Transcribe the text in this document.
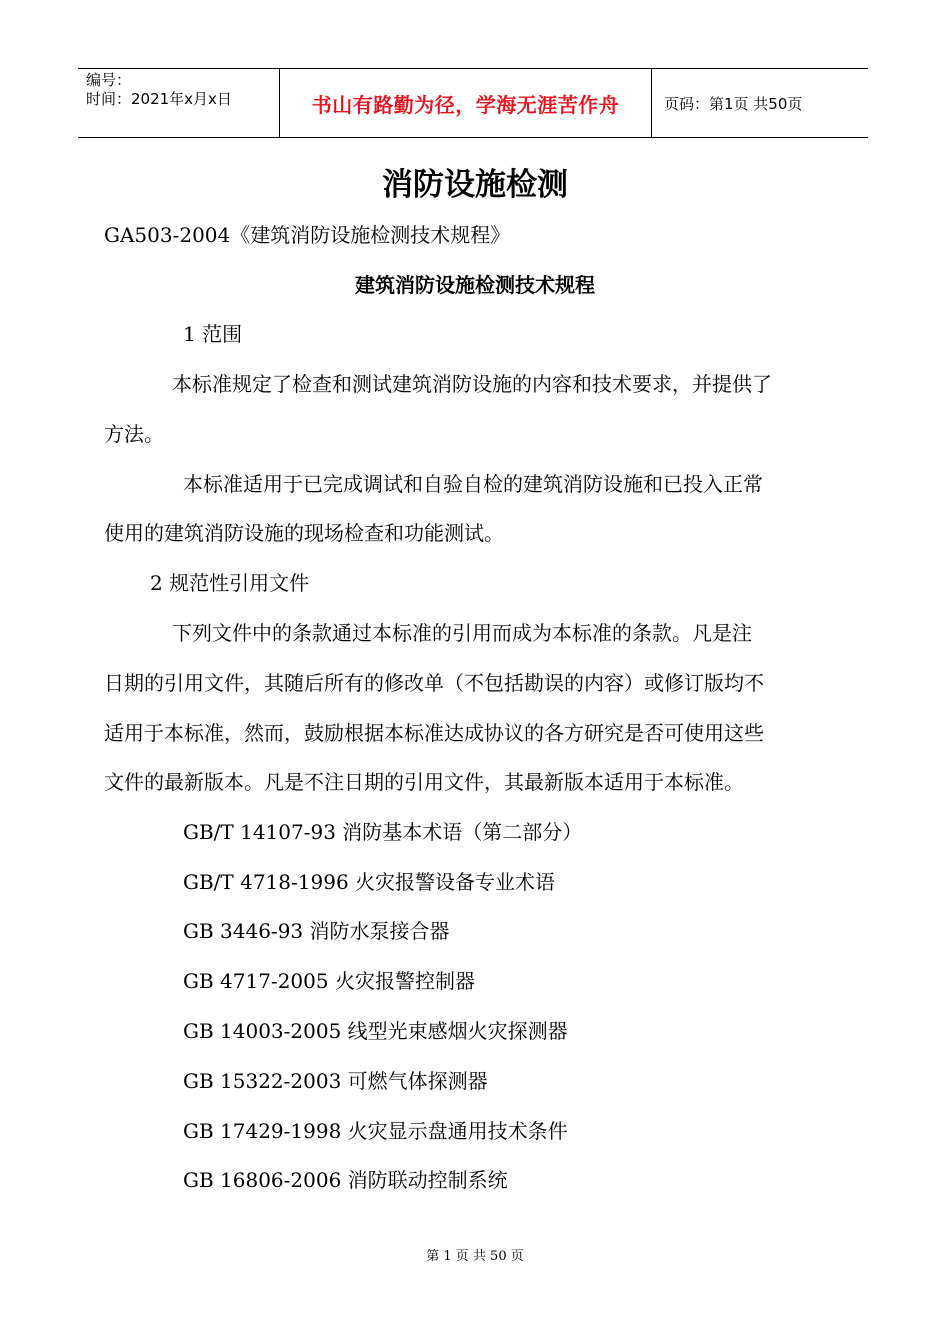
编号：
时间：2021年x月x日	书山有路勤为径，学海无涯苦作舟	页码：第1页 共50页
消防设施检测
GA503-2004《建筑消防设施检测技术规程》
建筑消防设施检测技术规程
1 范围
本标准规定了检查和测试建筑消防设施的内容和技术要求，并提供了
方法。
本标准适用于已完成调试和自验自检的建筑消防设施和已投入正常
使用的建筑消防设施的现场检查和功能测试。
2 规范性引用文件
下列文件中的条款通过本标准的引用而成为本标准的条款。凡是注
日期的引用文件，其随后所有的修改单（不包括勘误的内容）或修订版均不
适用于本标准，然而，鼓励根据本标准达成协议的各方研究是否可使用这些
文件的最新版本。凡是不注日期的引用文件，其最新版本适用于本标准。
GB/T 14107-93 消防基本术语（第二部分）
GB/T 4718-1996 火灾报警设备专业术语
GB 3446-93 消防水泵接合器
GB 4717-2005 火灾报警控制器
GB 14003-2005 线型光束感烟火灾探测器
GB 15322-2003 可燃气体探测器
GB 17429-1998 火灾显示盘通用技术条件
GB 16806-2006 消防联动控制系统
第 1 页 共 50 页
